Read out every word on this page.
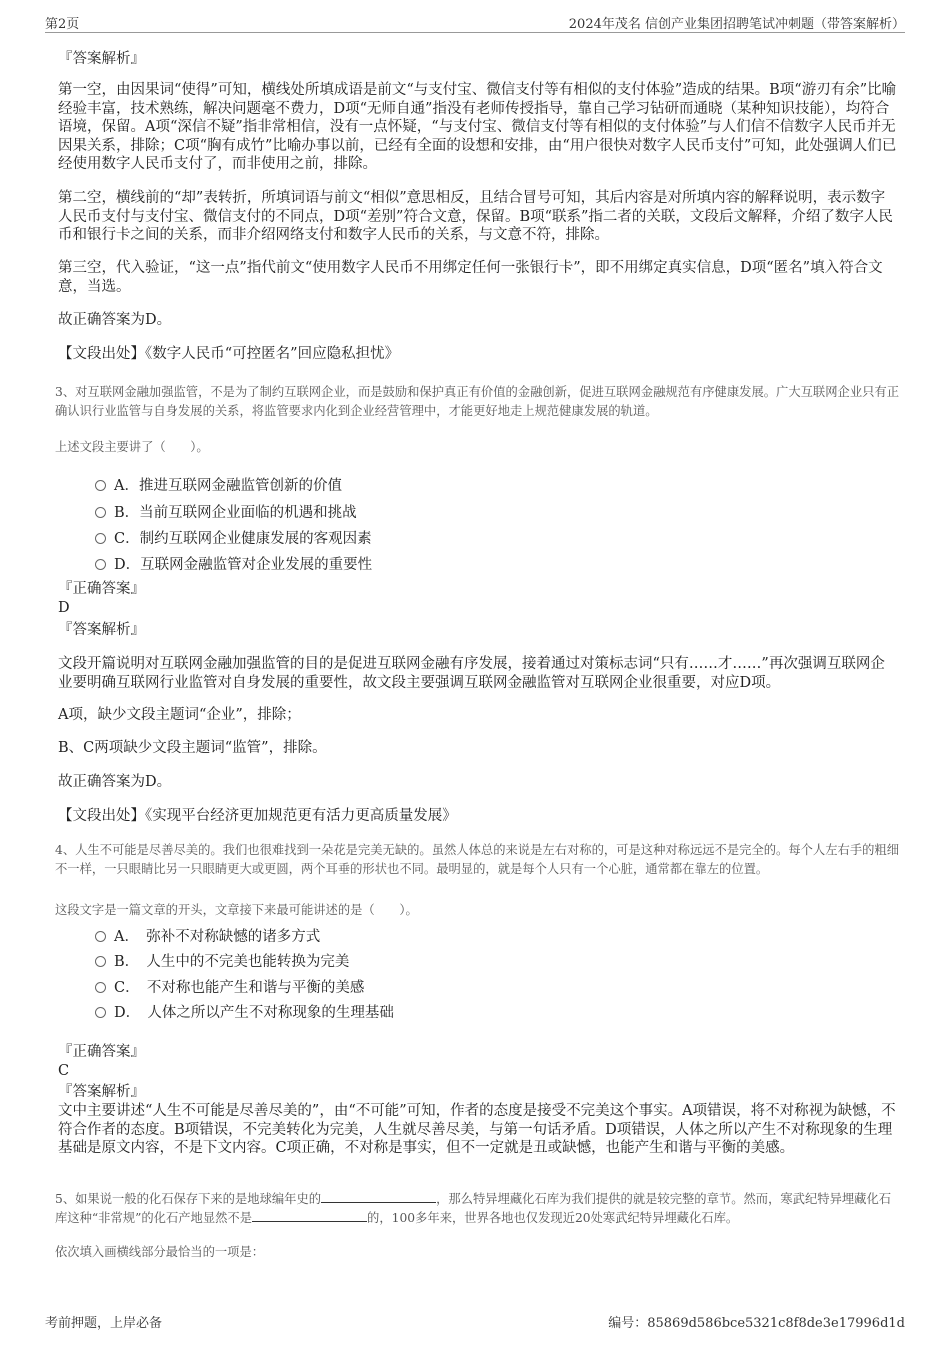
第2页	2024年茂名 信创产业集团招聘笔试冲刺题（带答案解析）
『答案解析』
第一空，由因果词“使得”可知，横线处所填成语是前文“与支付宝、微信支付等有相似的支付体验”造成的结果。B项“游刃有余”比喻经验丰富，技术熟练，解决问题毫不费力，D项“无师自通”指没有老师传授指导，靠自己学习钻研而通晓（某种知识技能），均符合语境，保留。A项“深信不疑”指非常相信，没有一点怀疑，“与支付宝、微信支付等有相似的支付体验”与人们信不信数字人民币并无因果关系，排除；C项“胸有成竹”比喻办事以前，已经有全面的设想和安排，由“用户很快对数字人民币支付”可知，此处强调人们已经使用数字人民币支付了，而非使用之前，排除。
第二空，横线前的“却”表转折，所填词语与前文“相似”意思相反，且结合冒号可知，其后内容是对所填内容的解释说明，表示数字人民币支付与支付宝、微信支付的不同点，D项“差别”符合文意，保留。B项“联系”指二者的关联，文段后文解释，介绍了数字人民币和银行卡之间的关系，而非介绍网络支付和数字人民币的关系，与文意不符，排除。
第三空，代入验证，“这一点”指代前文“使用数字人民币不用绑定任何一张银行卡”，即不用绑定真实信息，D项“匿名”填入符合文意，当选。
故正确答案为D。
【文段出处】《数字人民币“可控匿名”回应隐私担忧》
3、对互联网金融加强监管，不是为了制约互联网企业，而是鼓励和保护真正有价值的金融创新，促进互联网金融规范有序健康发展。广大互联网企业只有正确认识行业监管与自身发展的关系，将监管要求内化到企业经营管理中，才能更好地走上规范健康发展的轨道。
上述文段主要讲了（　　）。
A．推进互联网金融监管创新的价值
B．当前互联网企业面临的机遇和挑战
C．制约互联网企业健康发展的客观因素
D．互联网金融监管对企业发展的重要性
『正确答案』
D
『答案解析』
文段开篇说明对互联网金融加强监管的目的是促进互联网金融有序发展，接着通过对策标志词“只有……才……”再次强调互联网企业要明确互联网行业监管对自身发展的重要性，故文段主要强调互联网金融监管对互联网企业很重要，对应D项。
A项，缺少文段主题词“企业”，排除；
B、C两项缺少文段主题词“监管”，排除。
故正确答案为D。
【文段出处】《实现平台经济更加规范更有活力更高质量发展》
4、人生不可能是尽善尽美的。我们也很难找到一朵花是完美无缺的。虽然人体总的来说是左右对称的，可是这种对称远远不是完全的。每个人左右手的粗细不一样，一只眼睛比另一只眼睛更大或更圆，两个耳垂的形状也不同。最明显的，就是每个人只有一个心脏，通常都在靠左的位置。
这段文字是一篇文章的开头，文章接下来最可能讲述的是（　　）。
A．　弥补不对称缺憾的诸多方式
B．　人生中的不完美也能转换为完美
C．　不对称也能产生和谐与平衡的美感
D．　人体之所以产生不对称现象的生理基础
『正确答案』
C
『答案解析』
文中主要讲述“人生不可能是尽善尽美的”，由“不可能”可知，作者的态度是接受不完美这个事实。A项错误，将不对称视为缺憾，不符合作者的态度。B项错误，不完美转化为完美，人生就尽善尽美，与第一句话矛盾。D项错误，人体之所以产生不对称现象的生理基础是原文内容，不是下文内容。C项正确，不对称是事实，但不一定就是丑或缺憾，也能产生和谐与平衡的美感。
5、如果说一般的化石保存下来的是地球编年史的	，那么特异埋藏化石库为我们提供的就是较完整的章节。然而，寒武纪特异埋藏化石库这种“非常规”的化石产地显然不是	的，100多年来，世界各地也仅发现近20处寒武纪特异埋藏化石库。
依次填入画横线部分最恰当的一项是：
考前押题，上岸必备	编号：85869d586bce5321c8f8de3e17996d1d
